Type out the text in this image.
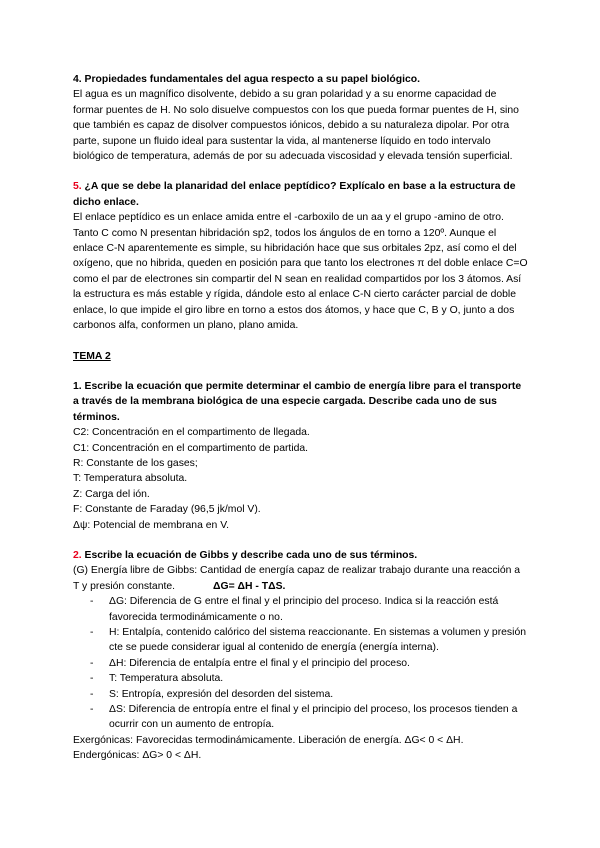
4. Propiedades fundamentales del agua respecto a su papel biológico.

El agua es un magnífico disolvente, debido a su gran polaridad y a su enorme capacidad de formar puentes de H. No solo disuelve compuestos con los que pueda formar puentes de H, sino que también es capaz de disolver compuestos iónicos, debido a su naturaleza dipolar. Por otra parte, supone un fluido ideal para sustentar la vida, al mantenerse líquido en todo intervalo biológico de temperatura, además de por su adecuada viscosidad y elevada tensión superficial.

5. ¿A que se debe la planaridad del enlace peptídico? Explícalo en base a la estructura de dicho enlace.

El enlace peptídico es un enlace amida entre el -carboxilo de un aa y el grupo -amino de otro. Tanto C como N presentan hibridación sp2, todos los ángulos de en torno a 120º. Aunque el enlace C-N aparentemente es simple, su hibridación hace que sus orbitales 2pz, así como el del oxígeno, que no hibrida, queden en posición para que tanto los electrones π del doble enlace C=O como el par de electrones sin compartir del N sean en realidad compartidos por los 3 átomos. Así la estructura es más estable y rígida, dándole esto al enlace C-N cierto carácter parcial de doble enlace, lo que impide el giro libre en torno a estos dos átomos, y hace que C, B y O, junto a dos carbonos alfa, conformen un plano, plano amida.

TEMA 2

1. Escribe la ecuación que permite determinar el cambio de energía libre para el transporte a través de la membrana biológica de una especie cargada. Describe cada uno de sus términos.

C2: Concentración en el compartimento de llegada.

C1: Concentración en el compartimento de partida.

R: Constante de los gases;

T: Temperatura absoluta.

Z: Carga del ión.

F: Constante de Faraday (96,5 jk/mol V).

Δψ: Potencial de membrana en V.

2. Escribe la ecuación de Gibbs y describe cada uno de sus términos.

(G) Energía libre de Gibbs: Cantidad de energía capaz de realizar trabajo durante una reacción a T y presión constante.	ΔG= ΔH - TΔS.

- ΔG: Diferencia de G entre el final y el principio del proceso. Indica si la reacción está favorecida termodinámicamente o no.
- H: Entalpía, contenido calórico del sistema reaccionante. En sistemas a volumen y presión cte se puede considerar igual al contenido de energía (energía interna).
- ΔH: Diferencia de entalpía entre el final y el principio del proceso.
- T: Temperatura absoluta.
- S: Entropía, expresión del desorden del sistema.
- ΔS: Diferencia de entropía entre el final y el principio del proceso, los procesos tienden a ocurrir con un aumento de entropía.

Exergónicas: Favorecidas termodinámicamente. Liberación de energía. ΔG< 0 < ΔH.

Endergónicas: ΔG> 0 < ΔH.
